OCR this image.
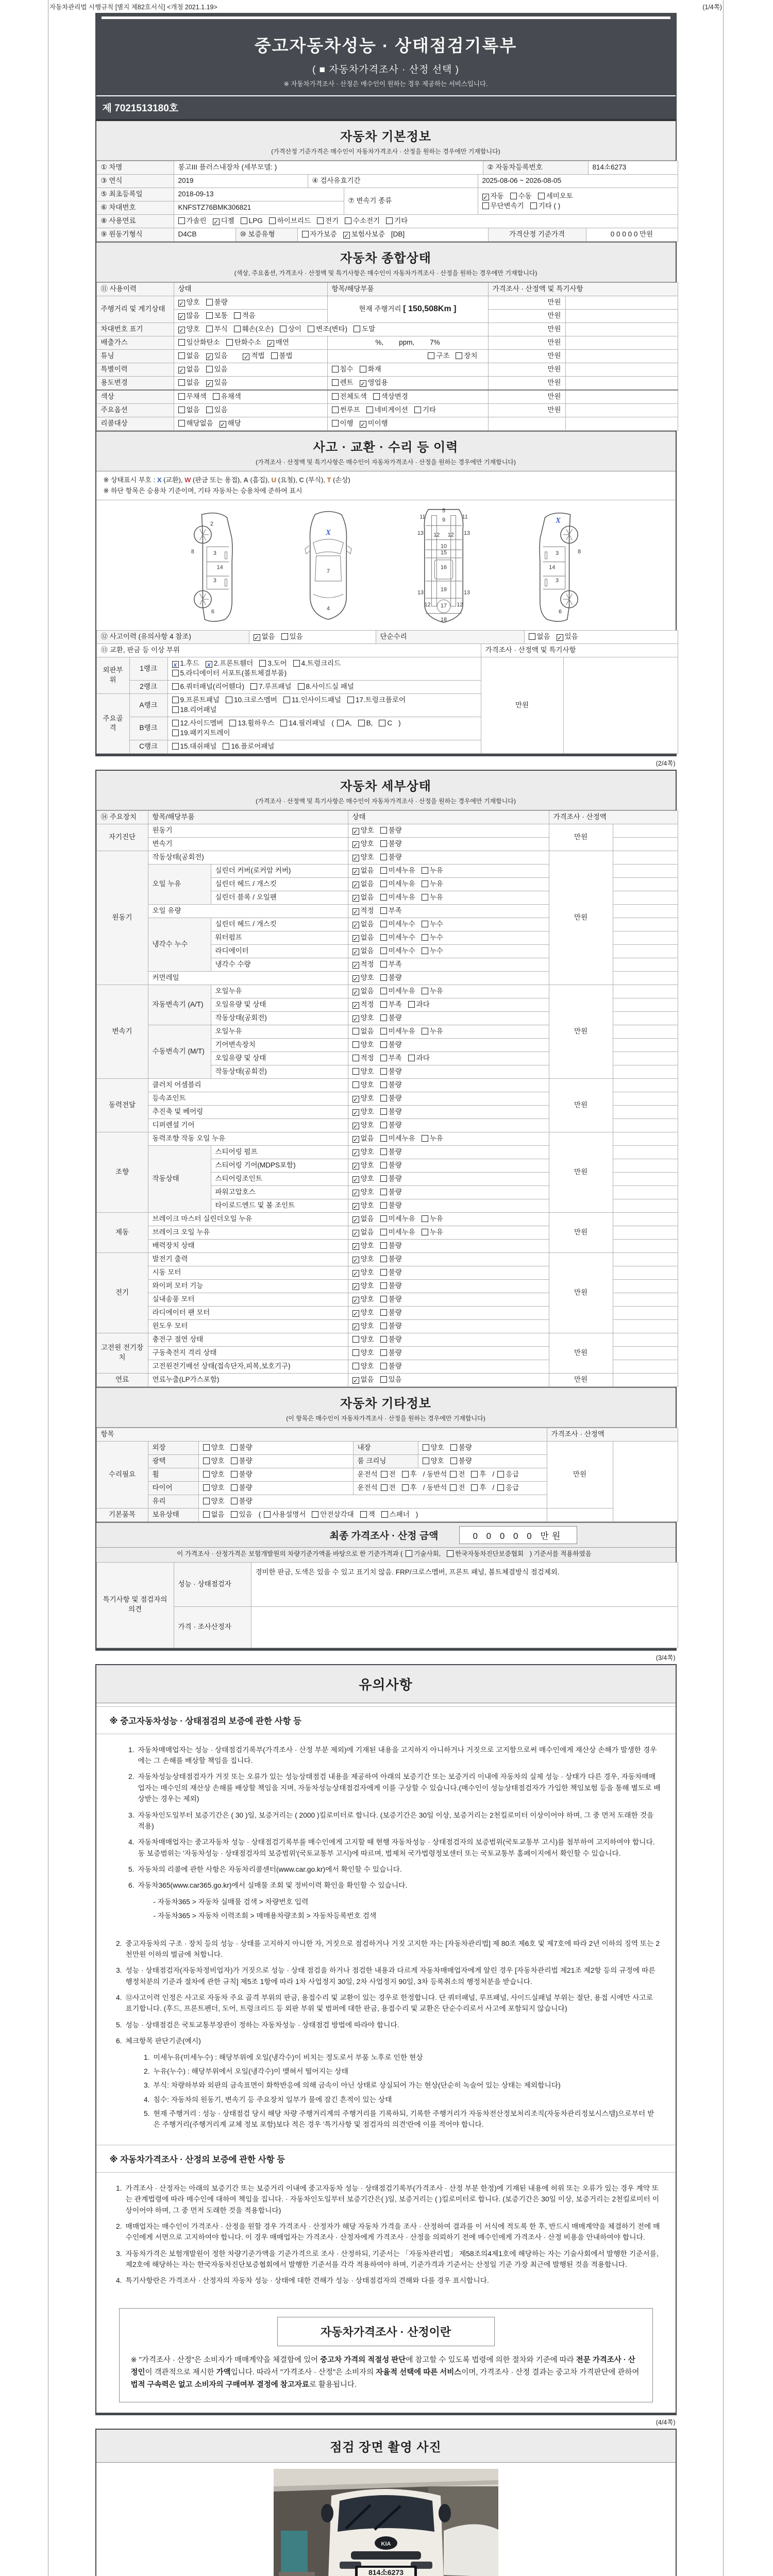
자동차관리법 시행규칙 [별지 제82호서식] <개정 2021.1.19>	(1/4쪽)
중고자동차성능 · 상태점검기록부
( ■ 자동차가격조사 · 산정 선택 )
※ 자동차가격조사 · 산정은 매수인이 원하는 경우 제공하는 서비스입니다.
제 7021513180호
자동차 기본정보
(가격산정 기준가격은 매수인이 자동차가격조사 · 산정을 원하는 경우에만 기재합니다)
① 차명	봉고III 플러스내장차 (세부모델: )	② 자동차등록번호	814소6273
③ 연식	2019	④ 검사유효기간	2025-08-06 ~ 2026-08-05
⑤ 최초등록일	2018-09-13	⑦ 변속기 종류	✓자동 수동 세미오토
무단변속기 기타 ( )
⑥ 차대번호	KNFSTZ76BMK306821		
⑧ 사용연료	가솔린 ✓ 디젤 LPG 하이브리드 전기 수소전기 기타
⑨ 원동기형식	D4CB	⑩ 보증유형	자가보증 ✓ 보험사보증 [DB]	가격산정 기준가격	0 0 0 0 0 만원
자동차 종합상태
(색상, 주요옵션, 가격조사 · 산정액 및 특기사항은 매수인이 자동차가격조사 · 산정을 원하는 경우에만 기재합니다)
⑪ 사용이력	상태	항목/해당부품	가격조사 · 산정액 및 특기사항	
주행거리 및 계기상태	✓양호 불량	현재 주행거리 [ 150,508Km ]	만원	
✓많음 보통 적음		만원	
차대번호 표기	✓양호 부식 훼손(오손) 상이 변조(변타) 도말		만원	
배출가스	일산화탄소 탄화수소 ✓ 매연	%,        ppm,        7%	만원	
튜닝	없음 ✓ 있음 ✓ 적법 불법	구조 장치	만원	
특별이력	✓없음 있음	침수 화재	만원	
용도변경	없음 ✓ 있음	렌트 ✓ 영업용	만원	
색상	무채색 유채색	전체도색 색상변경	만원	
주요옵션	없음 있음	썬루프 네비게이션 기타	만원	
리콜대상	해당없음 ✓ 해당	이행 ✓ 미이행		
사고 · 교환 · 수리 등 이력
(가격조사 · 산정액 및 특기사항은 매수인이 자동차가격조사 · 산정을 원하는 경우에만 기재합니다)
※ 상태표시 부호 : X (교환), W (판금 또는 용접), A (흠집), U (요철), C (부식), T (손상)
※ 하단 항목은 승용차 기준이며, 기타 자동차는 승용차에 준하여 표시
2
8	3
14
3
6
7
4
X
5
11	11
9
13	13
12 12
10
15
16
19
13	13
12	12
17
18
3	8
14
3
6
X
⑫ 사고이력 (유의사항 4 참조)	✓없음 있음	단순수리	없음 ✓ 있음
⑬ 교환, 판금 등 이상 부위	가격조사 · 산정액 및 특기사항
외판부위	1랭크	x1.후드 x 2.프론트휀더 3.도어 4.트렁크리드
5.라디에이터 서포트(볼트체결부품)	만원	
	2랭크	6.쿼터패널(리어휀다) 7.루프패널 8.사이드실 패널		
주요골격	A랭크	9.프론트패널 10.크로스멤버 11.인사이드패널 17.트렁크플로어
18.리어패널		
	B랭크	12.사이드멤버 13.휠하우스 14.필러패널 ( A, B, C )
19.패키지트레이		
	C랭크	15.대쉬패널 16.플로어패널		
(2/4쪽)
자동차 세부상태
(가격조사 · 산정액 및 특기사항은 매수인이 자동차가격조사 · 산정을 원하는 경우에만 기재합니다)
⑭ 주요장치	항목/해당부품		상태	가격조사 · 산정액	
자기진단	원동기	✓양호 불량	만원	
	변속기	✓양호 불량	
원동기	작동상태(공회전)	✓양호 불량	만원	
	오일 누유	실린더 커버(로커암 커버)	✓없음 미세누유 누유	
		실린더 헤드 / 개스킷	✓없음 미세누유 누유	
		실린더 블록 / 오일팬	✓없음 미세누유 누유	
	오일 유량	✓적정 부족	
	냉각수 누수	실린더 헤드 / 개스킷	✓없음 미세누수 누수	
		워터펌프	✓없음 미세누수 누수	
		라디에이터	✓없음 미세누수 누수	
		냉각수 수량	✓적정 부족	
	커먼레일	✓양호 불량	
변속기	자동변속기 (A/T)	오일누유	✓없음 미세누유 누유	만원	
		오일유량 및 상태	✓적정 부족 과다	
		작동상태(공회전)	✓양호 불량	
	수동변속기 (M/T)	오일누유	없음 미세누유 누유		
		기어변속장치	양호 불량		
		오일유량 및 상태	적정 부족 과다		
		작동상태(공회전)	양호 불량		
동력전달	클러치 어셈블리		양호 불량	만원	
	등속죠인트	✓양호 불량	
	추진축 및 베어링	✓양호 불량	
	디퍼렌셜 기어	✓양호 불량	
조향	동력조향 작동 오일 누유	✓없음 미세누유 누유	만원	
	작동상태	스티어링 펌프	✓양호 불량	
		스티어링 기어(MDPS포함)	✓양호 불량	
		스티어링조인트	✓양호 불량	
		파워고압호스	✓양호 불량	
		타이로드엔드 및 볼 조인트	✓양호 불량	
제동	브레이크 마스터 실린더오일 누유	✓없음 미세누유 누유	만원	
	브레이크 오일 누유	✓없음 미세누유 누유	
	배력장치 상태	✓양호 불량	
전기	발전기 출력	✓양호 불량	만원	
	시동 모터	✓양호 불량	
	와이퍼 모터 기능	✓양호 불량	
	실내송풍 모터	✓양호 불량	
	라디에이터 팬 모터	✓양호 불량	
	윈도우 모터	✓양호 불량	
고전원 전기장치	충전구 절연 상태		양호 불량	만원	
	구동축전지 격리 상태		양호 불량		
	고전원전기배선 상태(접속단자,피복,보호기구)		양호 불량		
연료	연료누출(LP가스포함)	✓없음 있음	만원	
자동차 기타정보
(이 항목은 매수인이 자동차가격조사 · 산정을 원하는 경우에만 기재합니다)
항목					가격조사 · 산정액	
수리필요	외장	양호 불량	내장	양호 불량	만원	
	광택	양호 불량	룸 크리닝	양호 불량		
	휠	양호 불량	운전석 전 후 / 동반석 전 후 / 응급			
	타이어	양호 불량	운전석 전 후 / 동반석 전 후 / 응급			
	유리	양호 불량				
기본품목	보유상태	없음 있음 ( 사용설명서 안전삼각대 잭 스패너 )				
최종 가격조사 · 산정 금액	0 0 0 0 0 만원
이 가격조사 · 산정가격은 보험개발원의 차량기준가액을 바탕으로 한 기준가격과 ( 기술사회, 한국자동차진단보증협회 ) 기준서를 적용하였음
특기사항 및 점검자의 의견	성능 · 상태점검자	경미한 판금, 도색은 있을 수 있고 표기치 않음. FRP/크로스멤버, 프론트 패널, 볼트체결방식 점검제외.
	가격 · 조사산정자	
(3/4쪽)
유의사항
※ 중고자동차성능 · 상태점검의 보증에 관한 사항 등
1. 자동차매매업자는 성능 · 상태점검기록부(가격조사 · 산정 부분 제외)에 기재된 내용을 고지하지 아니하거나 거짓으로 고지함으로써 매수인에게 재산상 손해가 발생한 경우에는 그 손해를 배상할 책임을 집니다.
2. 자동차성능상태점검자가 거짓 또는 오류가 있는 성능상태점검 내용을 제공하여 아래의 보증기간 또는 보증거리 이내에 자동차의 실제 성능 · 상태가 다른 경우, 자동차매매업자는 매수인의 재산상 손해를 배상할 책임을 지며, 자동차성능상태점검자에게 이를 구상할 수 있습니다.(매수인이 성능상태점검자가 가입한 책임보험 등을 통해 별도로 배상받는 경우는 제외)
3. 자동차인도일부터 보증기간은 ( 30 )일, 보증거리는 ( 2000 )킬로미터로 합니다. (보증기간은 30일 이상, 보증거리는 2천킬로미터 이상이어야 하며, 그 중 먼저 도래한 것을 적용)
4. 자동차매매업자는 중고자동차 성능 · 상태점검기록부를 매수인에게 고지할 때 현행 자동차성능 · 상태점검자의 보증범위(국토교통부 고시)를 첨부하여 고지하여야 합니다. 동 보증범위는 '자동차성능 · 상태점검자의 보증범위'(국토교통부 고시)에 따르며, 법제처 국가법령정보센터 또는 국토교통부 홈페이지에서 확인할 수 있습니다.
5. 자동차의 리콜에 관한 사항은 자동차리콜센터(www.car.go.kr)에서 확인할 수 있습니다.
6. 자동차365(www.car365.go.kr)에서 실매물 조회 및 정비이력 확인을 확인할 수 있습니다.
- 자동차365 > 자동차 실매물 검색 > 차량번호 입력
- 자동차365 > 자동차 이력조회 > 매매용차량조회 > 자동차등록번호 검색
2. 중고자동차의 구조 · 장치 등의 성능 · 상태를 고지하지 아니한 자, 거짓으로 점검하거나 거짓 고지한 자는 [자동차관리법] 제 80조 제6호 및 제7호에 따라 2년 이하의 징역 또는 2천만원 이하의 벌금에 처합니다.
3. 성능 · 상태점검자(자동차정비업자)가 거짓으로 성능 · 상태 점검을 하거나 점검한 내용과 다르게 자동차매매업자에게 알린 경우 [자동차관리법 제21조 제2항 등의 규정에 따른 행정처분의 기준과 절차에 관한 규칙] 제5조 1항에 따라 1차 사업정지 30일, 2차 사업정지 90일, 3차 등록취소의 행정처분을 받습니다.
4. ⑫사고이력 인정은 사고로 자동차 주요 골격 부위의 판금, 용접수리 및 교환이 있는 경우로 한정합니다. 단 쿼터패널, 루프패널, 사이드실패널 부위는 절단, 용접 시에만 사고로 표기합니다. (후드, 프론트펜더, 도어, 트렁크리드 등 외판 부위 및 범퍼에 대한 판금, 용접수리 및 교환은 단순수리로서 사고에 포함되지 않습니다)
5. 성능 · 상태점검은 국토교통부장관이 정하는 자동차성능 · 상태점검 방법에 따라야 합니다.
6. 체크항목 판단기준(예시)
1. 미세누유(미세누수) : 해당부위에 오일(냉각수)이 비치는 정도로서 부품 노후로 인한 현상
2. 누유(누수) : 해당부위에서 오일(냉각수)이 맺혀서 떨어지는 상태
3. 부식: 차량하부와 외판의 금속표면이 화학반응에 의해 금속이 아닌 상태로 상실되어 가는 현상(단순히 녹슬어 있는 상태는 제외합니다)
4. 침수: 자동차의 원동기, 변속기 등 주요장치 일부가 물에 잠긴 흔적이 있는 상태
5. 현재 주행거리 : 성능 · 상태점검 당시 해당 차량 주행거리계의 주행거리를 기록하되, 기록한 주행거리가 자동차전산정보처리조직(자동차관리정보시스템)으로부터 받은 주행거리(주행거리계 교체 정보 포함)보다 적은 경우 '특기사항 및 점검자의 의견'란에 이를 적어야 합니다.
※ 자동차가격조사 · 산정의 보증에 관한 사항 등
1. 가격조사 · 산정자는 아래의 보증기간 또는 보증거리 이내에 중고자동차 성능 · 상태점검기록부(가격조사 · 산정 부분 한정)에 기재된 내용에 허위 또는 오류가 있는 경우 계약 또는 관계법령에 따라 매수인에 대하여 책임을 집니다. · 자동차인도일부터 보증기간은( )일, 보증거리는 ( )킬로미터로 합니다. (보증기간은 30일 이상, 보증거리는 2천킬로미터 이상이어야 하며, 그 중 먼저 도래한 것을 적용합니다)
2. 매매업자는 매수인이 가격조사 · 산정을 원할 경우 가격조사 · 산정자가 해당 자동차 가격을 조사 · 산정하여 결과를 이 서식에 적도록 한 후, 반드시 매매계약을 체결하기 전에 매수인에게 서면으로 고지하여야 합니다. 이 경우 매매업자는 가격조사 · 산정자에게 가격조사 · 산정을 의뢰하기 전에 매수인에게 가격조사 · 산정 비용을 안내하여야 합니다.
3. 자동차가격은 보험개발원이 정한 차량기준가액을 기준가격으로 조사 · 산정하되, 기준서는 「자동차관리법」 제58조의4제1호에 해당하는 자는 기술사회에서 발행한 기준서를, 제2호에 해당하는 자는 한국자동차진단보증협회에서 발행한 기준서를 각각 적용하여야 하며, 기준가격과 기준서는 산정일 기준 가장 최근에 발행된 것을 적용합니다.
4. 특기사항란은 가격조사 · 산정자의 자동차 성능 · 상태에 대한 견해가 성능 · 상태점검자의 견해와 다를 경우 표시합니다.
자동차가격조사 · 산정이란
※ "가격조사 · 산정"은 소비자가 매매계약을 체결함에 있어 중고차 가격의 적절성 판단에 참고할 수 있도록 법령에 의한 절차와 기준에 따라 전문 가격조사 · 산정인이 객관적으로 제시한 가액입니다. 따라서 "가격조사 · 산정"은 소비자의 자율적 선택에 따른 서비스이며, 가격조사 · 산정 결과는 중고차 가격판단에 관하여 법적 구속력은 없고 소비자의 구매여부 결정에 참고자료로 활용됩니다.
(4/4쪽)
점검 장면 촬영 사진
KIA
814소6273
